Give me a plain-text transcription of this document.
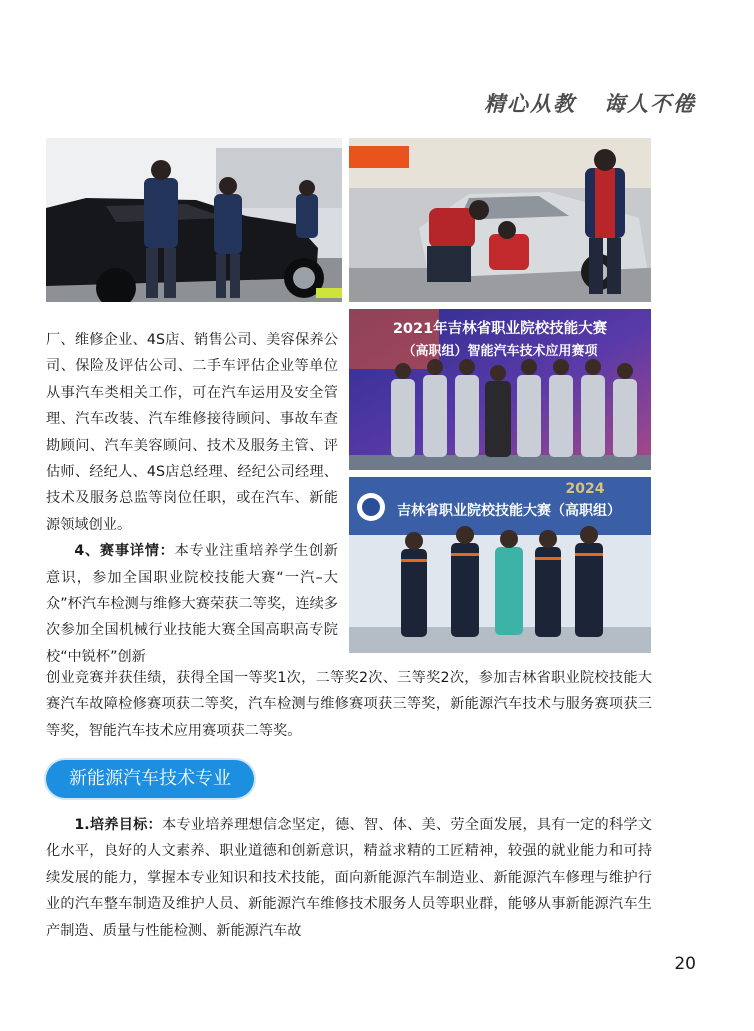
精心从教   诲人不倦
2021年吉林省职业院校技能大赛
（高职组）智能汽车技术应用赛项
2024
吉林省职业院校技能大赛（高职组）

厂、维修企业、4S店、销售公司、美容保养公司、保险及评估公司、二手车评估企业等单位从事汽车类相关工作，可在汽车运用及安全管理、汽车改装、汽车维修接待顾问、事故车查勘顾问、汽车美容顾问、技术及服务主管、评估师、经纪人、4S店总经理、经纪公司经理、技术及服务总监等岗位任职，或在汽车、新能源领域创业。

4、赛事详情：本专业注重培养学生创新意识，参加全国职业院校技能大赛“一汽–大众”杯汽车检测与维修大赛荣获二等奖，连续多次参加全国机械行业技能大赛全国高职高专院校“中锐杯”创新

创业竞赛并获佳绩，获得全国一等奖1次，二等奖2次、三等奖2次，参加吉林省职业院校技能大赛汽车故障检修赛项获二等奖，汽车检测与维修赛项获三等奖，新能源汽车技术与服务赛项获三等奖，智能汽车技术应用赛项获二等奖。
新能源汽车技术专业
1.培养目标：本专业培养理想信念坚定，德、智、体、美、劳全面发展，具有一定的科学文化水平，良好的人文素养、职业道德和创新意识，精益求精的工匠精神，较强的就业能力和可持续发展的能力，掌握本专业知识和技术技能，面向新能源汽车制造业、新能源汽车修理与维护行业的汽车整车制造及维护人员、新能源汽车维修技术服务人员等职业群，能够从事新能源汽车生产制造、质量与性能检测、新能源汽车故
20
